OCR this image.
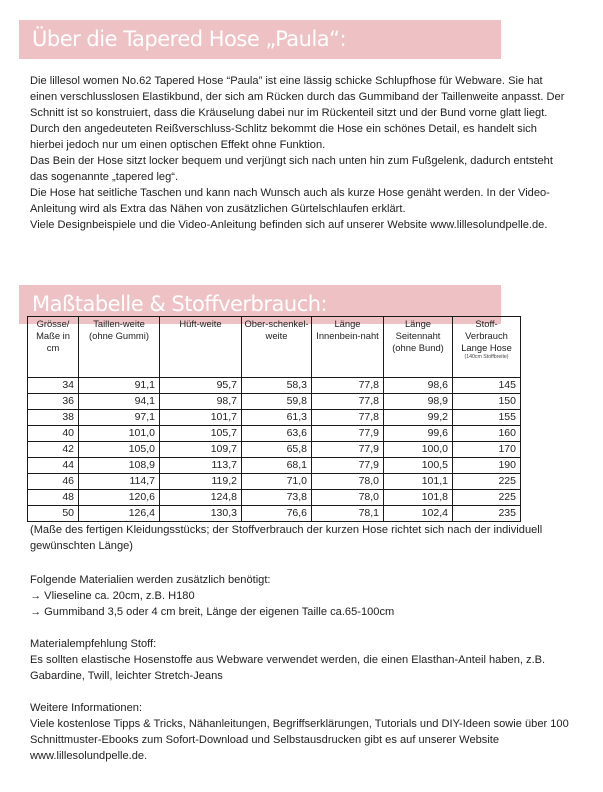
Über die Tapered Hose „Paula“:

Die lillesol women No.62 Tapered Hose “Paula” ist eine lässig schicke Schlupfhose für Webware. Sie hat einen verschlusslosen Elastikbund, der sich am Rücken durch das Gummiband der Taillenweite anpasst. Der Schnitt ist so konstruiert, dass die Kräuselung dabei nur im Rückenteil sitzt und der Bund vorne glatt liegt. Durch den angedeuteten Reißverschluss-Schlitz bekommt die Hose ein schönes Detail, es handelt sich hierbei jedoch nur um einen optischen Effekt ohne Funktion.

Das Bein der Hose sitzt locker bequem und verjüngt sich nach unten hin zum Fußgelenk, dadurch entsteht das sogenannte „tapered leg“.

Die Hose hat seitliche Taschen und kann nach Wunsch auch als kurze Hose genäht werden. In der Video-Anleitung wird als Extra das Nähen von zusätzlichen Gürtelschlaufen erklärt.

Viele Designbeispiele und die Video-Anleitung befinden sich auf unserer Website www.lillesolundpelle.de.

Maßtabelle & Stoffverbrauch:
Grösse/ Maße in cm	Taillen-weite (ohne Gummi)	Hüft-weite	Ober-schenkel-weite	Länge Innenbein-naht	Länge Seitennaht (ohne Bund)	Stoff-Verbrauch Lange Hose
(140cm Stoffbreite)

34	91,1	95,7	58,3	77,8	98,6	145
36	94,1	98,7	59,8	77,8	98,9	150
38	97,1	101,7	61,3	77,8	99,2	155
40	101,0	105,7	63,6	77,9	99,6	160
42	105,0	109,7	65,8	77,9	100,0	170
44	108,9	113,7	68,1	77,9	100,5	190
46	114,7	119,2	71,0	78,0	101,1	225
48	120,6	124,8	73,8	78,0	101,8	225
50	126,4	130,3	76,6	78,1	102,4	235

(Maße des fertigen Kleidungsstücks; der Stoffverbrauch der kurzen Hose richtet sich nach der individuell gewünschten Länge)

Folgende Materialien werden zusätzlich benötigt:

→ Vlieseline ca. 20cm, z.B. H180

→ Gummiband 3,5 oder 4 cm breit, Länge der eigenen Taille ca.65-100cm

Materialempfehlung Stoff:

Es sollten elastische Hosenstoffe aus Webware verwendet werden, die einen Elasthan-Anteil haben, z.B. Gabardine, Twill, leichter Stretch-Jeans

Weitere Informationen:

Viele kostenlose Tipps & Tricks, Nähanleitungen, Begriffserklärungen, Tutorials und DIY-Ideen sowie über 100 Schnittmuster-Ebooks zum Sofort-Download und Selbstausdrucken gibt es auf unserer Website www.lillesolundpelle.de.
